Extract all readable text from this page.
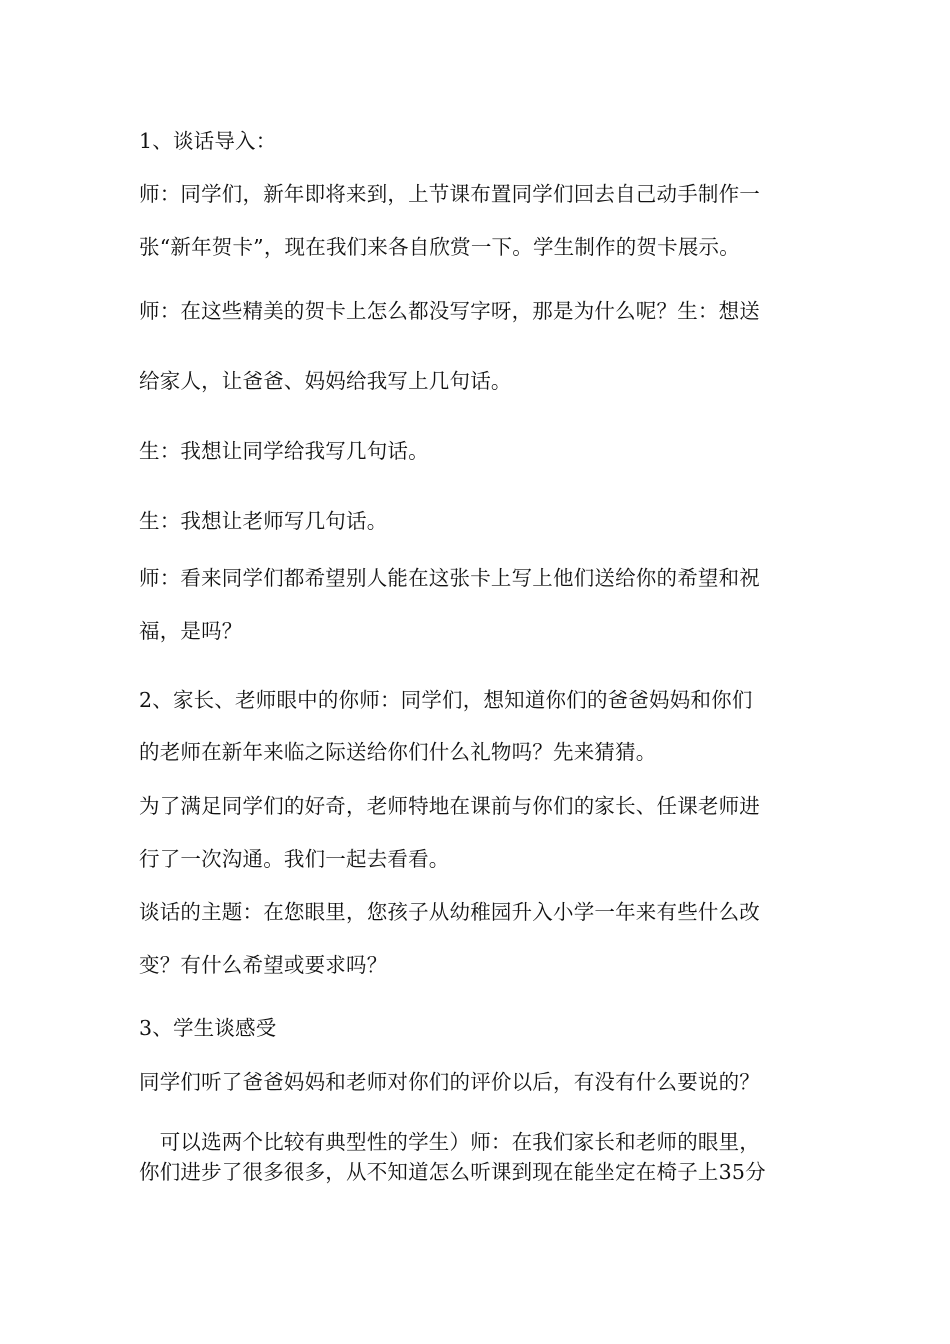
1、谈话导入：
师：同学们，新年即将来到，上节课布置同学们回去自己动手制作一
张“新年贺卡”，现在我们来各自欣赏一下。学生制作的贺卡展示。
师：在这些精美的贺卡上怎么都没写字呀，那是为什么呢？生：想送
给家人，让爸爸、妈妈给我写上几句话。
生：我想让同学给我写几句话。
生：我想让老师写几句话。
师：看来同学们都希望别人能在这张卡上写上他们送给你的希望和祝
福，是吗？
2、家长、老师眼中的你师：同学们，想知道你们的爸爸妈妈和你们
的老师在新年来临之际送给你们什么礼物吗？先来猜猜。
为了满足同学们的好奇，老师特地在课前与你们的家长、任课老师进
行了一次沟通。我们一起去看看。
谈话的主题：在您眼里，您孩子从幼稚园升入小学一年来有些什么改
变？有什么希望或要求吗？
3、学生谈感受
同学们听了爸爸妈妈和老师对你们的评价以后，有没有什么要说的？
　可以选两个比较有典型性的学生）师：在我们家长和老师的眼里，
你们进步了很多很多，从不知道怎么听课到现在能坐定在椅子上35分
